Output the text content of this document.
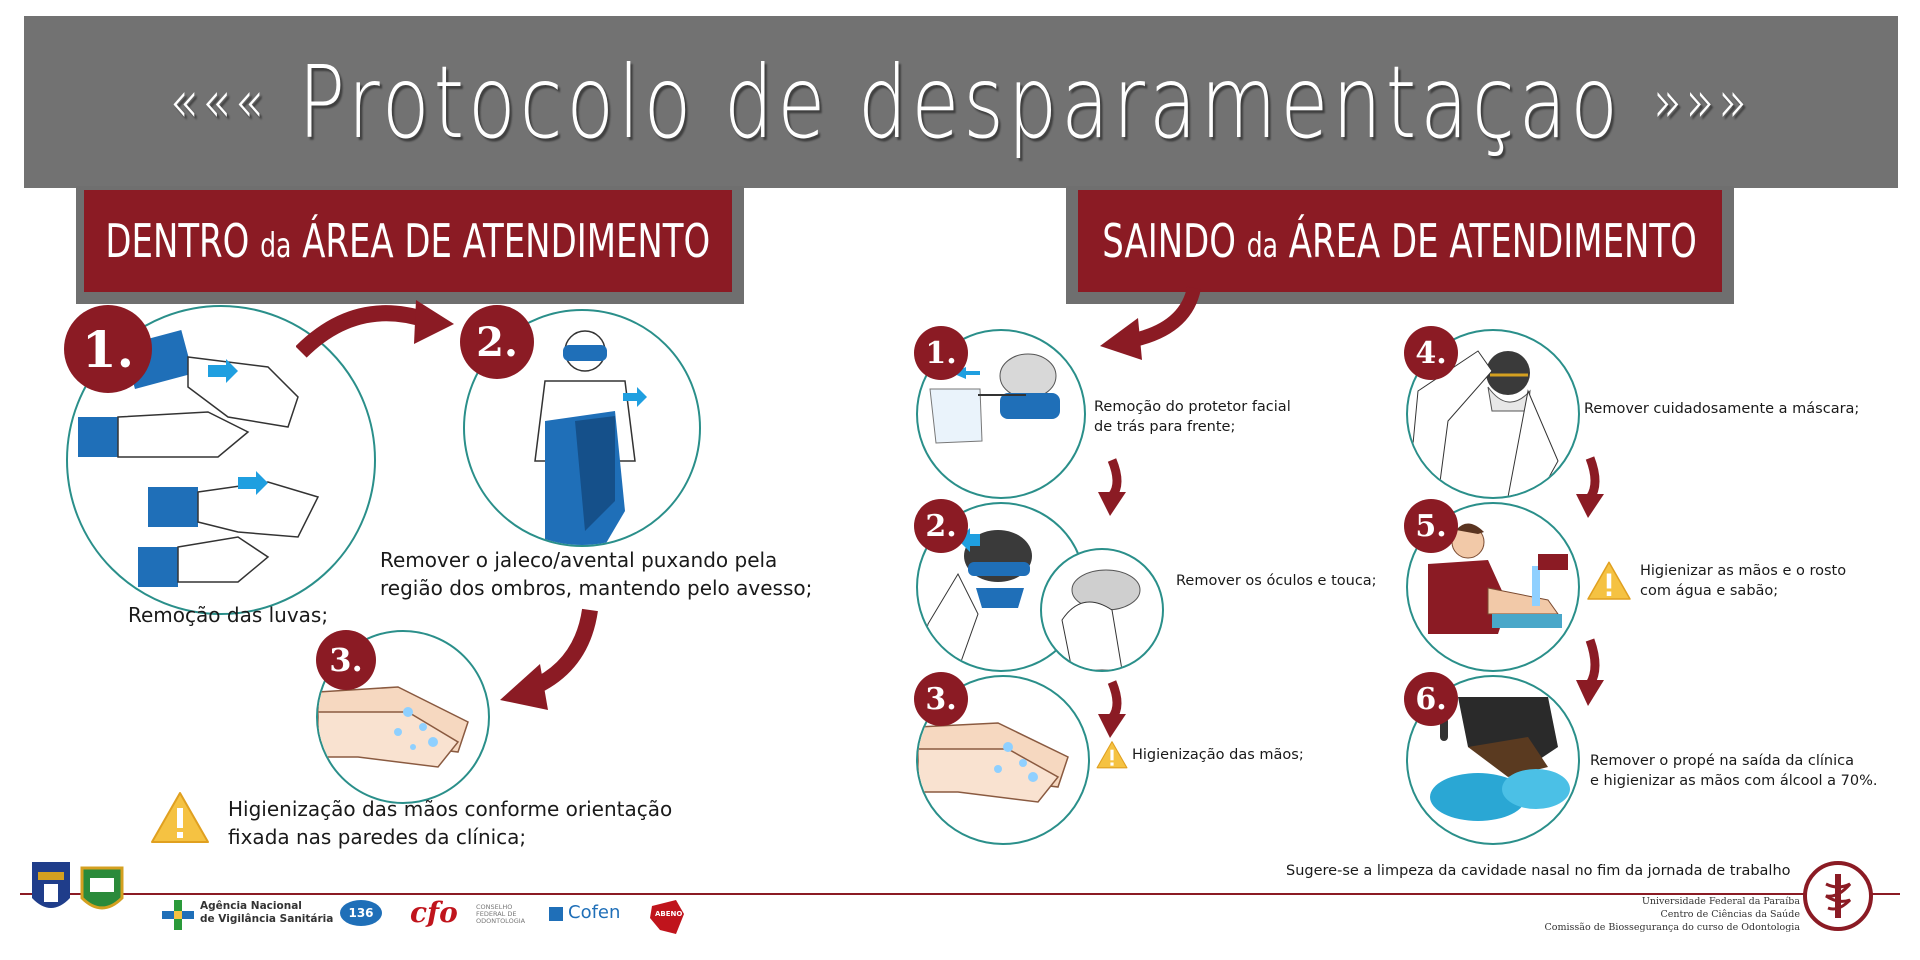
««« Protocolo de desparamentaçao »»»
DENTRO da ÁREA DE ATENDIMENTO	SAINDO da ÁREA DE ATENDIMENTO
1.
Remoção das luvas;
2.
Remover o jaleco/avental puxando pela
região dos ombros, mantendo pelo avesso;
3.
Higienização das mãos conforme orientação
fixada nas paredes da clínica;
1.
Remoção do protetor facial
de trás para frente;
2.
Remover os óculos e touca;
3.
Higienização das mãos;
4.
Remover cuidadosamente a máscara;
5.
Higienizar as mãos e o rosto
com água e sabão;
6.
Remover o propé na saída da clínica
e higienizar as mãos com álcool a 70%.
Sugere-se a limpeza da cavidade nasal no fim da jornada de trabalho
Agência Nacional
de Vigilância Sanitária	136	cfo	CONSELHO FEDERAL DE ODONTOLOGIA	Cofen	ABENO
Universidade Federal da Paraíba
Centro de Ciências da Saúde
Comissão de Biossegurança do curso de Odontologia
